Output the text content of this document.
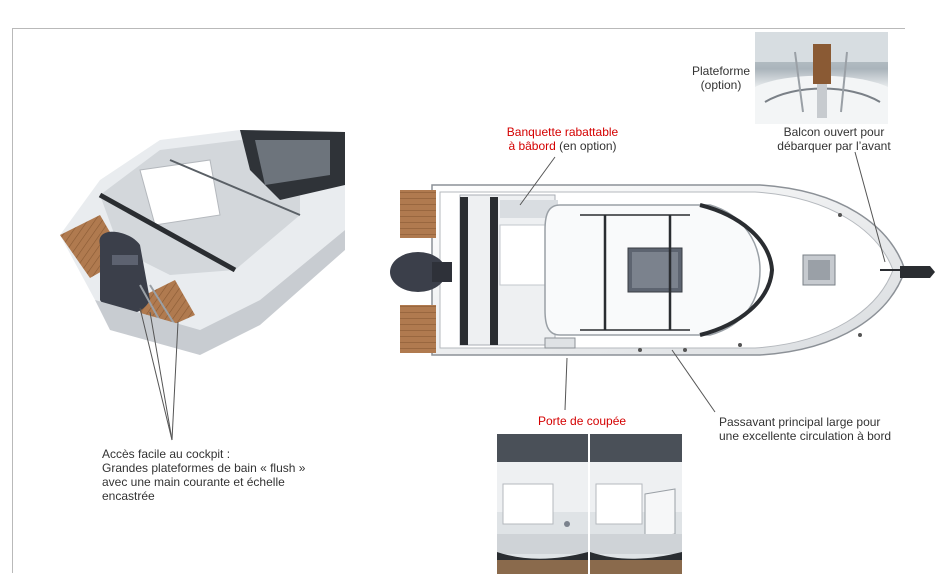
Plateforme
(option)
Balcon ouvert pour
débarquer par l’avant
Banquette rabattable
à bâbord (en option)
Porte de coupée	Passavant principal large pour
une excellente circulation à bord
Accès facile au cockpit :
Grandes plateformes de bain « flush »
avec une main courante et échelle
encastrée
